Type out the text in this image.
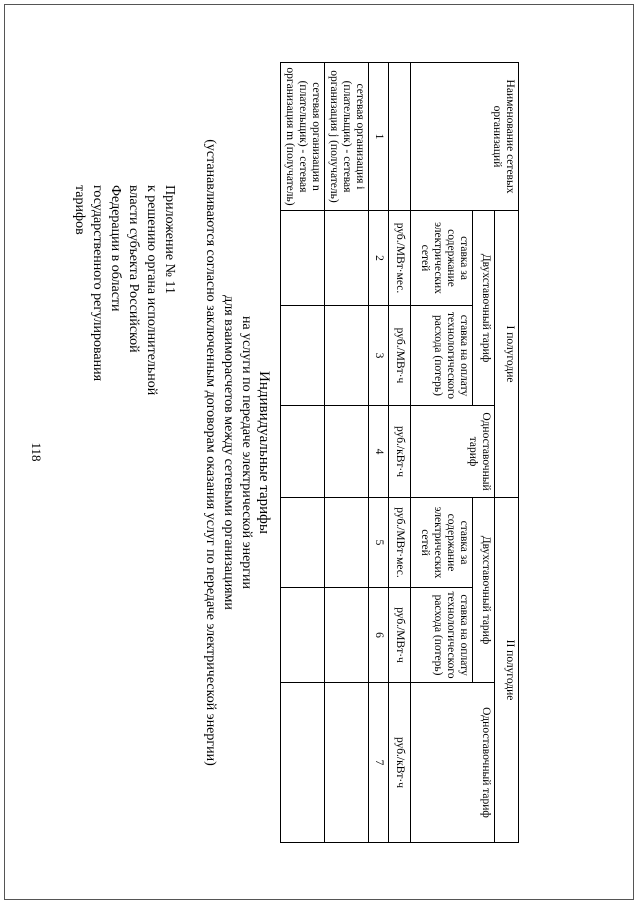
118
Приложение № 11
к решению органа исполнительной
власти субъекта Российской
Федерации в области
государственного регулирования
тарифов
Индивидуальные тарифы
на услуги по передаче электрической энергии
для взаиморасчетов между сетевыми организациями
(устанавливаются согласно заключенным договорам оказания услуг по передаче электрической энергии)
Наименование сетевых организаций	I полугодие			II полугодие		
	Двухставочный тариф		Одноставочный тариф	Двухставочный тариф		Одноставочный тариф
	ставка за содержание электрических сетей	ставка на оплату технологического расхода (потерь)		ставка за содержание электрических сетей	ставка на оплату технологического расхода (потерь)	
	руб./МВт·мес.	руб./МВт·ч	руб./кВт·ч	руб./МВт·мес.	руб./МВт·ч	руб./кВт·ч
1	2	3	4	5	6	7
сетевая организация i (плательщик) - сетевая организация j (получатель)						
сетевая организация n (плательщик) - сетевая организация m (получатель)						
